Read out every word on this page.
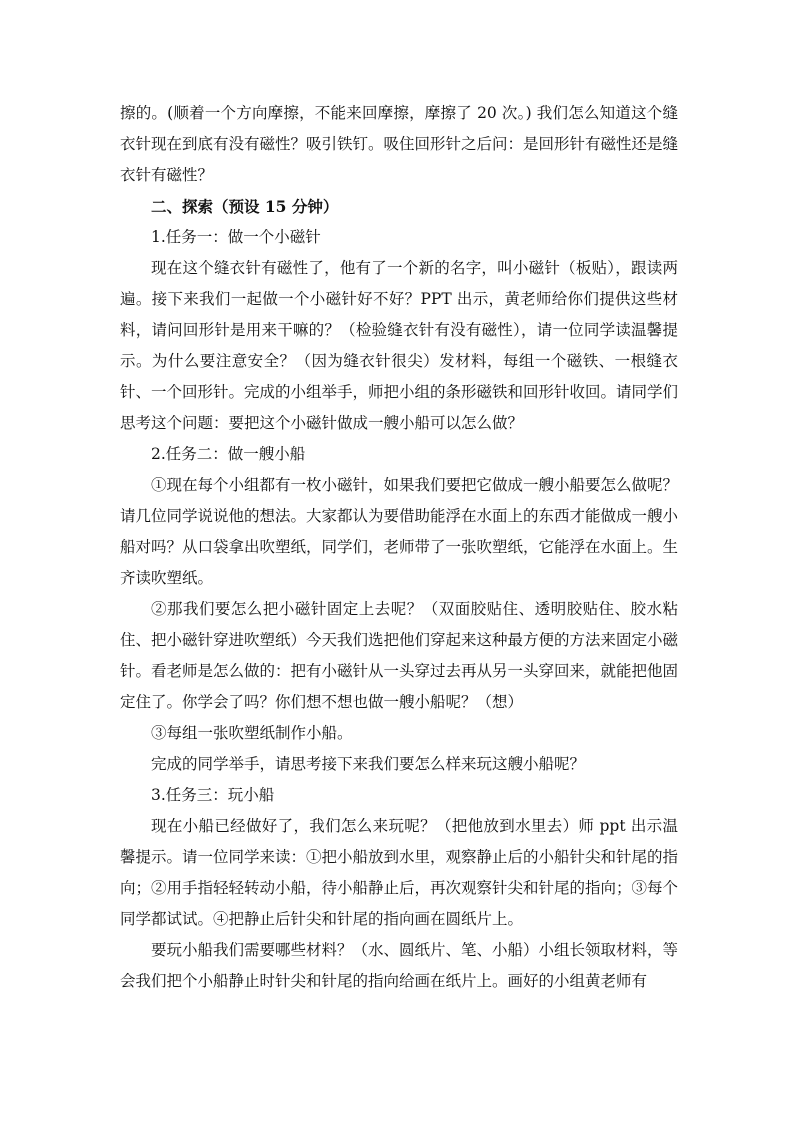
擦的。(顺着一个方向摩擦，不能来回摩擦，摩擦了 20 次。) 我们怎么知道这个缝衣针现在到底有没有磁性？吸引铁钉。吸住回形针之后问：是回形针有磁性还是缝衣针有磁性？

二、探索（预设 15 分钟）

1.任务一：做一个小磁针

现在这个缝衣针有磁性了，他有了一个新的名字，叫小磁针（板贴），跟读两遍。接下来我们一起做一个小磁针好不好？PPT 出示，黄老师给你们提供这些材料，请问回形针是用来干嘛的？（检验缝衣针有没有磁性），请一位同学读温馨提示。为什么要注意安全？（因为缝衣针很尖）发材料，每组一个磁铁、一根缝衣针、一个回形针。完成的小组举手，师把小组的条形磁铁和回形针收回。请同学们思考这个问题：要把这个小磁针做成一艘小船可以怎么做？

2.任务二：做一艘小船

①现在每个小组都有一枚小磁针，如果我们要把它做成一艘小船要怎么做呢？请几位同学说说他的想法。大家都认为要借助能浮在水面上的东西才能做成一艘小船对吗？从口袋拿出吹塑纸，同学们，老师带了一张吹塑纸，它能浮在水面上。生齐读吹塑纸。

②那我们要怎么把小磁针固定上去呢？（双面胶贴住、透明胶贴住、胶水粘住、把小磁针穿进吹塑纸）今天我们选把他们穿起来这种最方便的方法来固定小磁针。看老师是怎么做的：把有小磁针从一头穿过去再从另一头穿回来，就能把他固定住了。你学会了吗？你们想不想也做一艘小船呢？（想）

③每组一张吹塑纸制作小船。

完成的同学举手，请思考接下来我们要怎么样来玩这艘小船呢？

3.任务三：玩小船

现在小船已经做好了，我们怎么来玩呢？（把他放到水里去）师 ppt 出示温馨提示。请一位同学来读：①把小船放到水里，观察静止后的小船针尖和针尾的指向；②用手指轻轻转动小船，待小船静止后，再次观察针尖和针尾的指向；③每个同学都试试。④把静止后针尖和针尾的指向画在圆纸片上。

要玩小船我们需要哪些材料？（水、圆纸片、笔、小船）小组长领取材料，等会我们把个小船静止时针尖和针尾的指向给画在纸片上。画好的小组黄老师有
